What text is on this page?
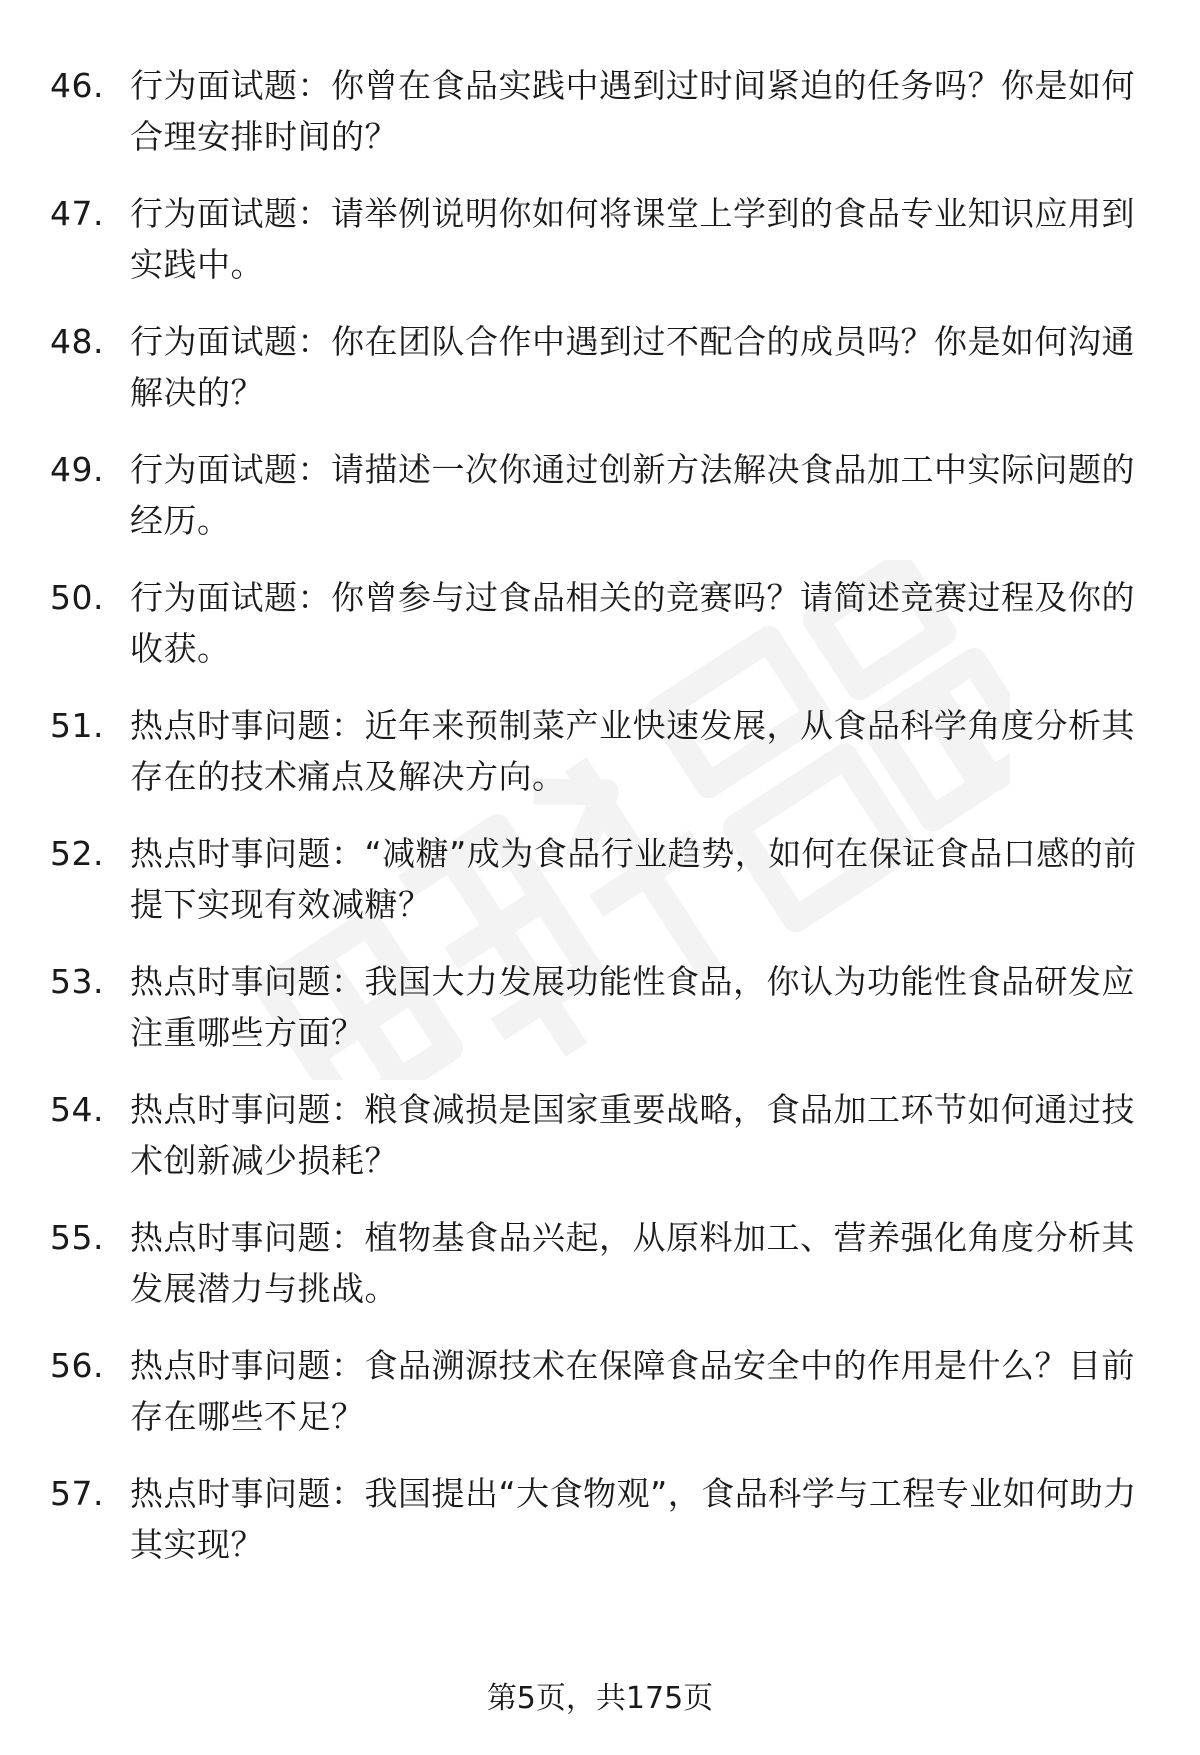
46. 行为面试题：你曾在食品实践中遇到过时间紧迫的任务吗？你是如何合理安排时间的？
47. 行为面试题：请举例说明你如何将课堂上学到的食品专业知识应用到实践中。
48. 行为面试题：你在团队合作中遇到过不配合的成员吗？你是如何沟通解决的？
49. 行为面试题：请描述一次你通过创新方法解决食品加工中实际问题的经历。
50. 行为面试题：你曾参与过食品相关的竞赛吗？请简述竞赛过程及你的收获。
51. 热点时事问题：近年来预制菜产业快速发展，从食品科学角度分析其存在的技术痛点及解决方向。
52. 热点时事问题：“减糖”成为食品行业趋势，如何在保证食品口感的前提下实现有效减糖？
53. 热点时事问题：我国大力发展功能性食品，你认为功能性食品研发应注重哪些方面？
54. 热点时事问题：粮食减损是国家重要战略，食品加工环节如何通过技术创新减少损耗？
55. 热点时事问题：植物基食品兴起，从原料加工、营养强化角度分析其发展潜力与挑战。
56. 热点时事问题：食品溯源技术在保障食品安全中的作用是什么？目前存在哪些不足？
57. 热点时事问题：我国提出“大食物观”，食品科学与工程专业如何助力其实现？
第5页，共175页
